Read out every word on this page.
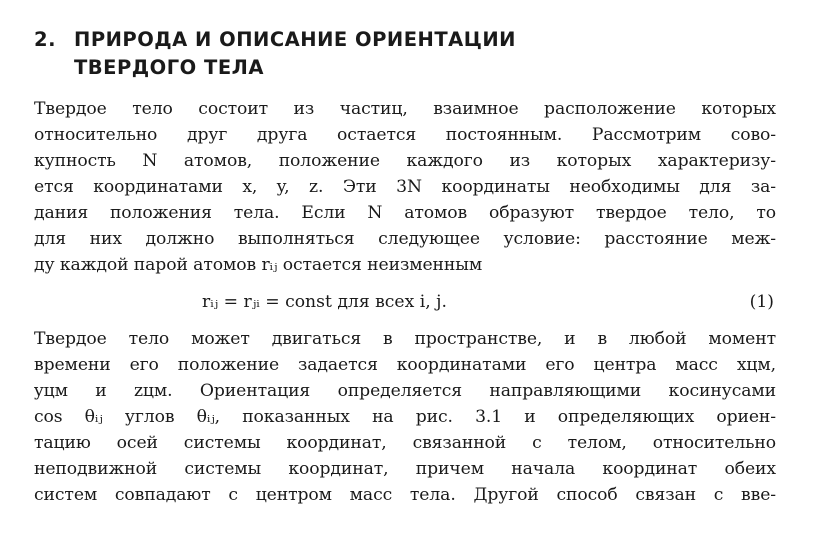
2. ПРИРОДА И ОПИСАНИЕ ОРИЕНТАЦИИ
ТВЕРДОГО ТЕЛА

Твердое тело состоит из частиц, взаимное расположение которых
относительно друг друга остается постоянным. Рассмотрим сово-
купность N атомов, положение каждого из которых характеризу-
ется координатами x, y, z. Эти 3N координаты необходимы для за-
дания положения тела. Если N атомов образуют твердое тело, то
для них должно выполняться следующее условие: расстояние меж-
ду каждой парой атомов rᵢⱼ остается неизменным

rᵢⱼ = rⱼᵢ = const для всех i, j.	(1)

Твердое тело может двигаться в пространстве, и в любой момент
времени его положение задается координатами его центра масс xцм,
yцм и zцм. Ориентация определяется направляющими косинусами
cos θᵢⱼ углов θᵢⱼ, показанных на рис. 3.1 и определяющих ориен-
тацию осей системы координат, связанной с телом, относительно
неподвижной системы координат, причем начала координат обеих
систем совпадают с центром масс тела. Другой способ связан с вве-
